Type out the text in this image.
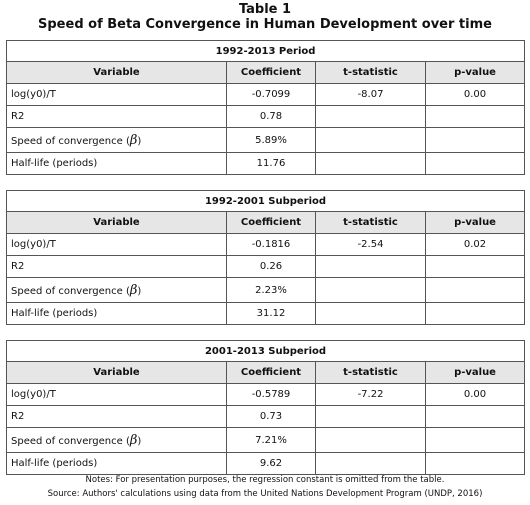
Table 1
Speed of Beta Convergence in Human Development over time
1992-2013 Period			
Variable	Coefficient	t-statistic	p-value
log(y0)/T	-0.7099	-8.07	0.00
R2	0.78		
Speed of convergence (β)	5.89%		
Half-life (periods)	11.76		
1992-2001 Subperiod			
Variable	Coefficient	t-statistic	p-value
log(y0)/T	-0.1816	-2.54	0.02
R2	0.26		
Speed of convergence (β)	2.23%		
Half-life (periods)	31.12		
2001-2013 Subperiod			
Variable	Coefficient	t-statistic	p-value
log(y0)/T	-0.5789	-7.22	0.00
R2	0.73		
Speed of convergence (β)	7.21%		
Half-life (periods)	9.62		
Notes: For presentation purposes, the regression constant is omitted from the table.
Source: Authors' calculations using data from the United Nations Development Program (UNDP, 2016)
